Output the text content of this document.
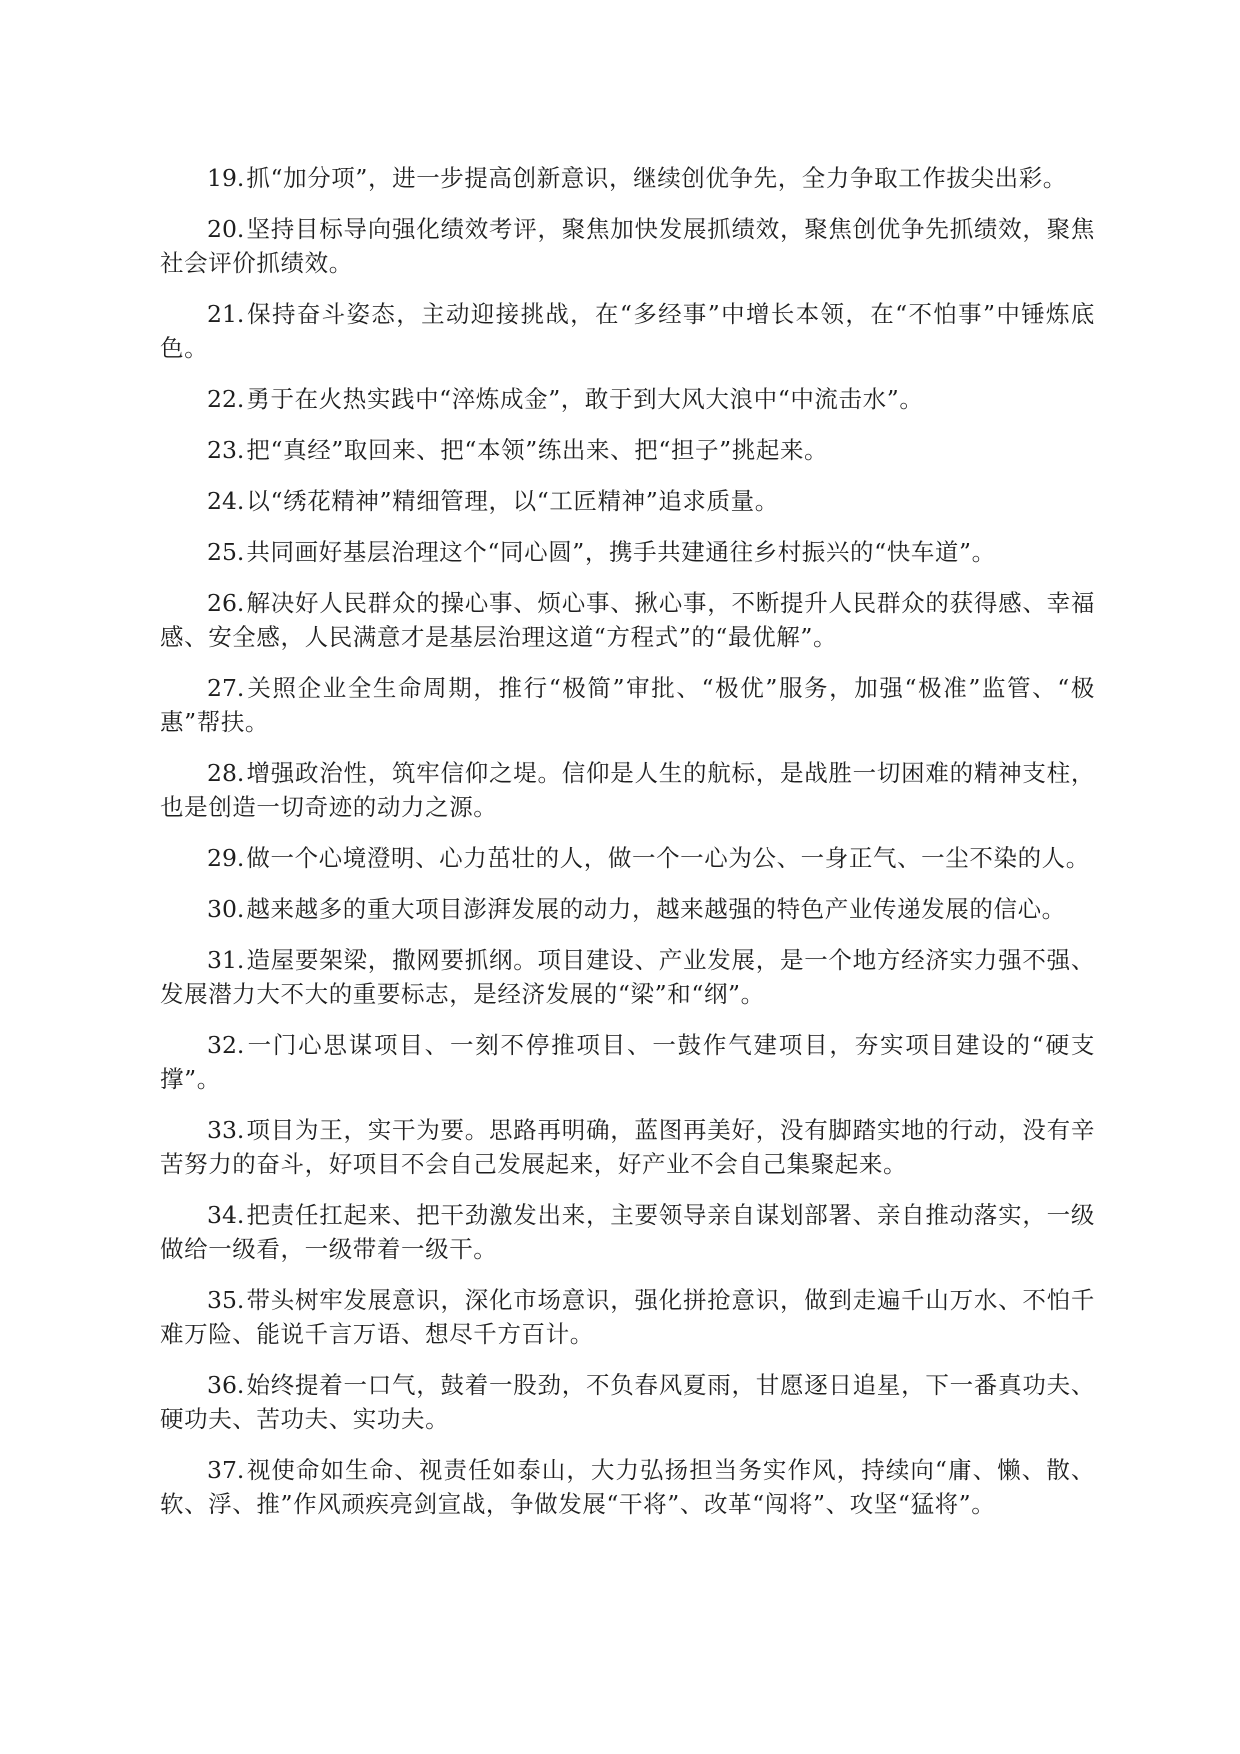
19.抓“加分项”，进一步提高创新意识，继续创优争先，全力争取工作拔尖出彩。

20.坚持目标导向强化绩效考评，聚焦加快发展抓绩效，聚焦创优争先抓绩效，聚焦社会评价抓绩效。

21.保持奋斗姿态，主动迎接挑战，在“多经事”中增长本领，在“不怕事”中锤炼底色。

22.勇于在火热实践中“淬炼成金”，敢于到大风大浪中“中流击水”。

23.把“真经”取回来、把“本领”练出来、把“担子”挑起来。

24.以“绣花精神”精细管理，以“工匠精神”追求质量。

25.共同画好基层治理这个“同心圆”，携手共建通往乡村振兴的“快车道”。

26.解决好人民群众的操心事、烦心事、揪心事，不断提升人民群众的获得感、幸福感、安全感，人民满意才是基层治理这道“方程式”的“最优解”。

27.关照企业全生命周期，推行“极简”审批、“极优”服务，加强“极准”监管、“极惠”帮扶。

28.增强政治性，筑牢信仰之堤。信仰是人生的航标，是战胜一切困难的精神支柱，也是创造一切奇迹的动力之源。

29.做一个心境澄明、心力茁壮的人，做一个一心为公、一身正气、一尘不染的人。

30.越来越多的重大项目澎湃发展的动力，越来越强的特色产业传递发展的信心。

31.造屋要架梁，撒网要抓纲。项目建设、产业发展，是一个地方经济实力强不强、发展潜力大不大的重要标志，是经济发展的“梁”和“纲”。

32.一门心思谋项目、一刻不停推项目、一鼓作气建项目，夯实项目建设的“硬支撑”。

33.项目为王，实干为要。思路再明确，蓝图再美好，没有脚踏实地的行动，没有辛苦努力的奋斗，好项目不会自己发展起来，好产业不会自己集聚起来。

34.把责任扛起来、把干劲激发出来，主要领导亲自谋划部署、亲自推动落实，一级做给一级看，一级带着一级干。

35.带头树牢发展意识，深化市场意识，强化拼抢意识，做到走遍千山万水、不怕千难万险、能说千言万语、想尽千方百计。

36.始终提着一口气，鼓着一股劲，不负春风夏雨，甘愿逐日追星，下一番真功夫、硬功夫、苦功夫、实功夫。

37.视使命如生命、视责任如泰山，大力弘扬担当务实作风，持续向“庸、懒、散、软、浮、推”作风顽疾亮剑宣战，争做发展“干将”、改革“闯将”、攻坚“猛将”。
